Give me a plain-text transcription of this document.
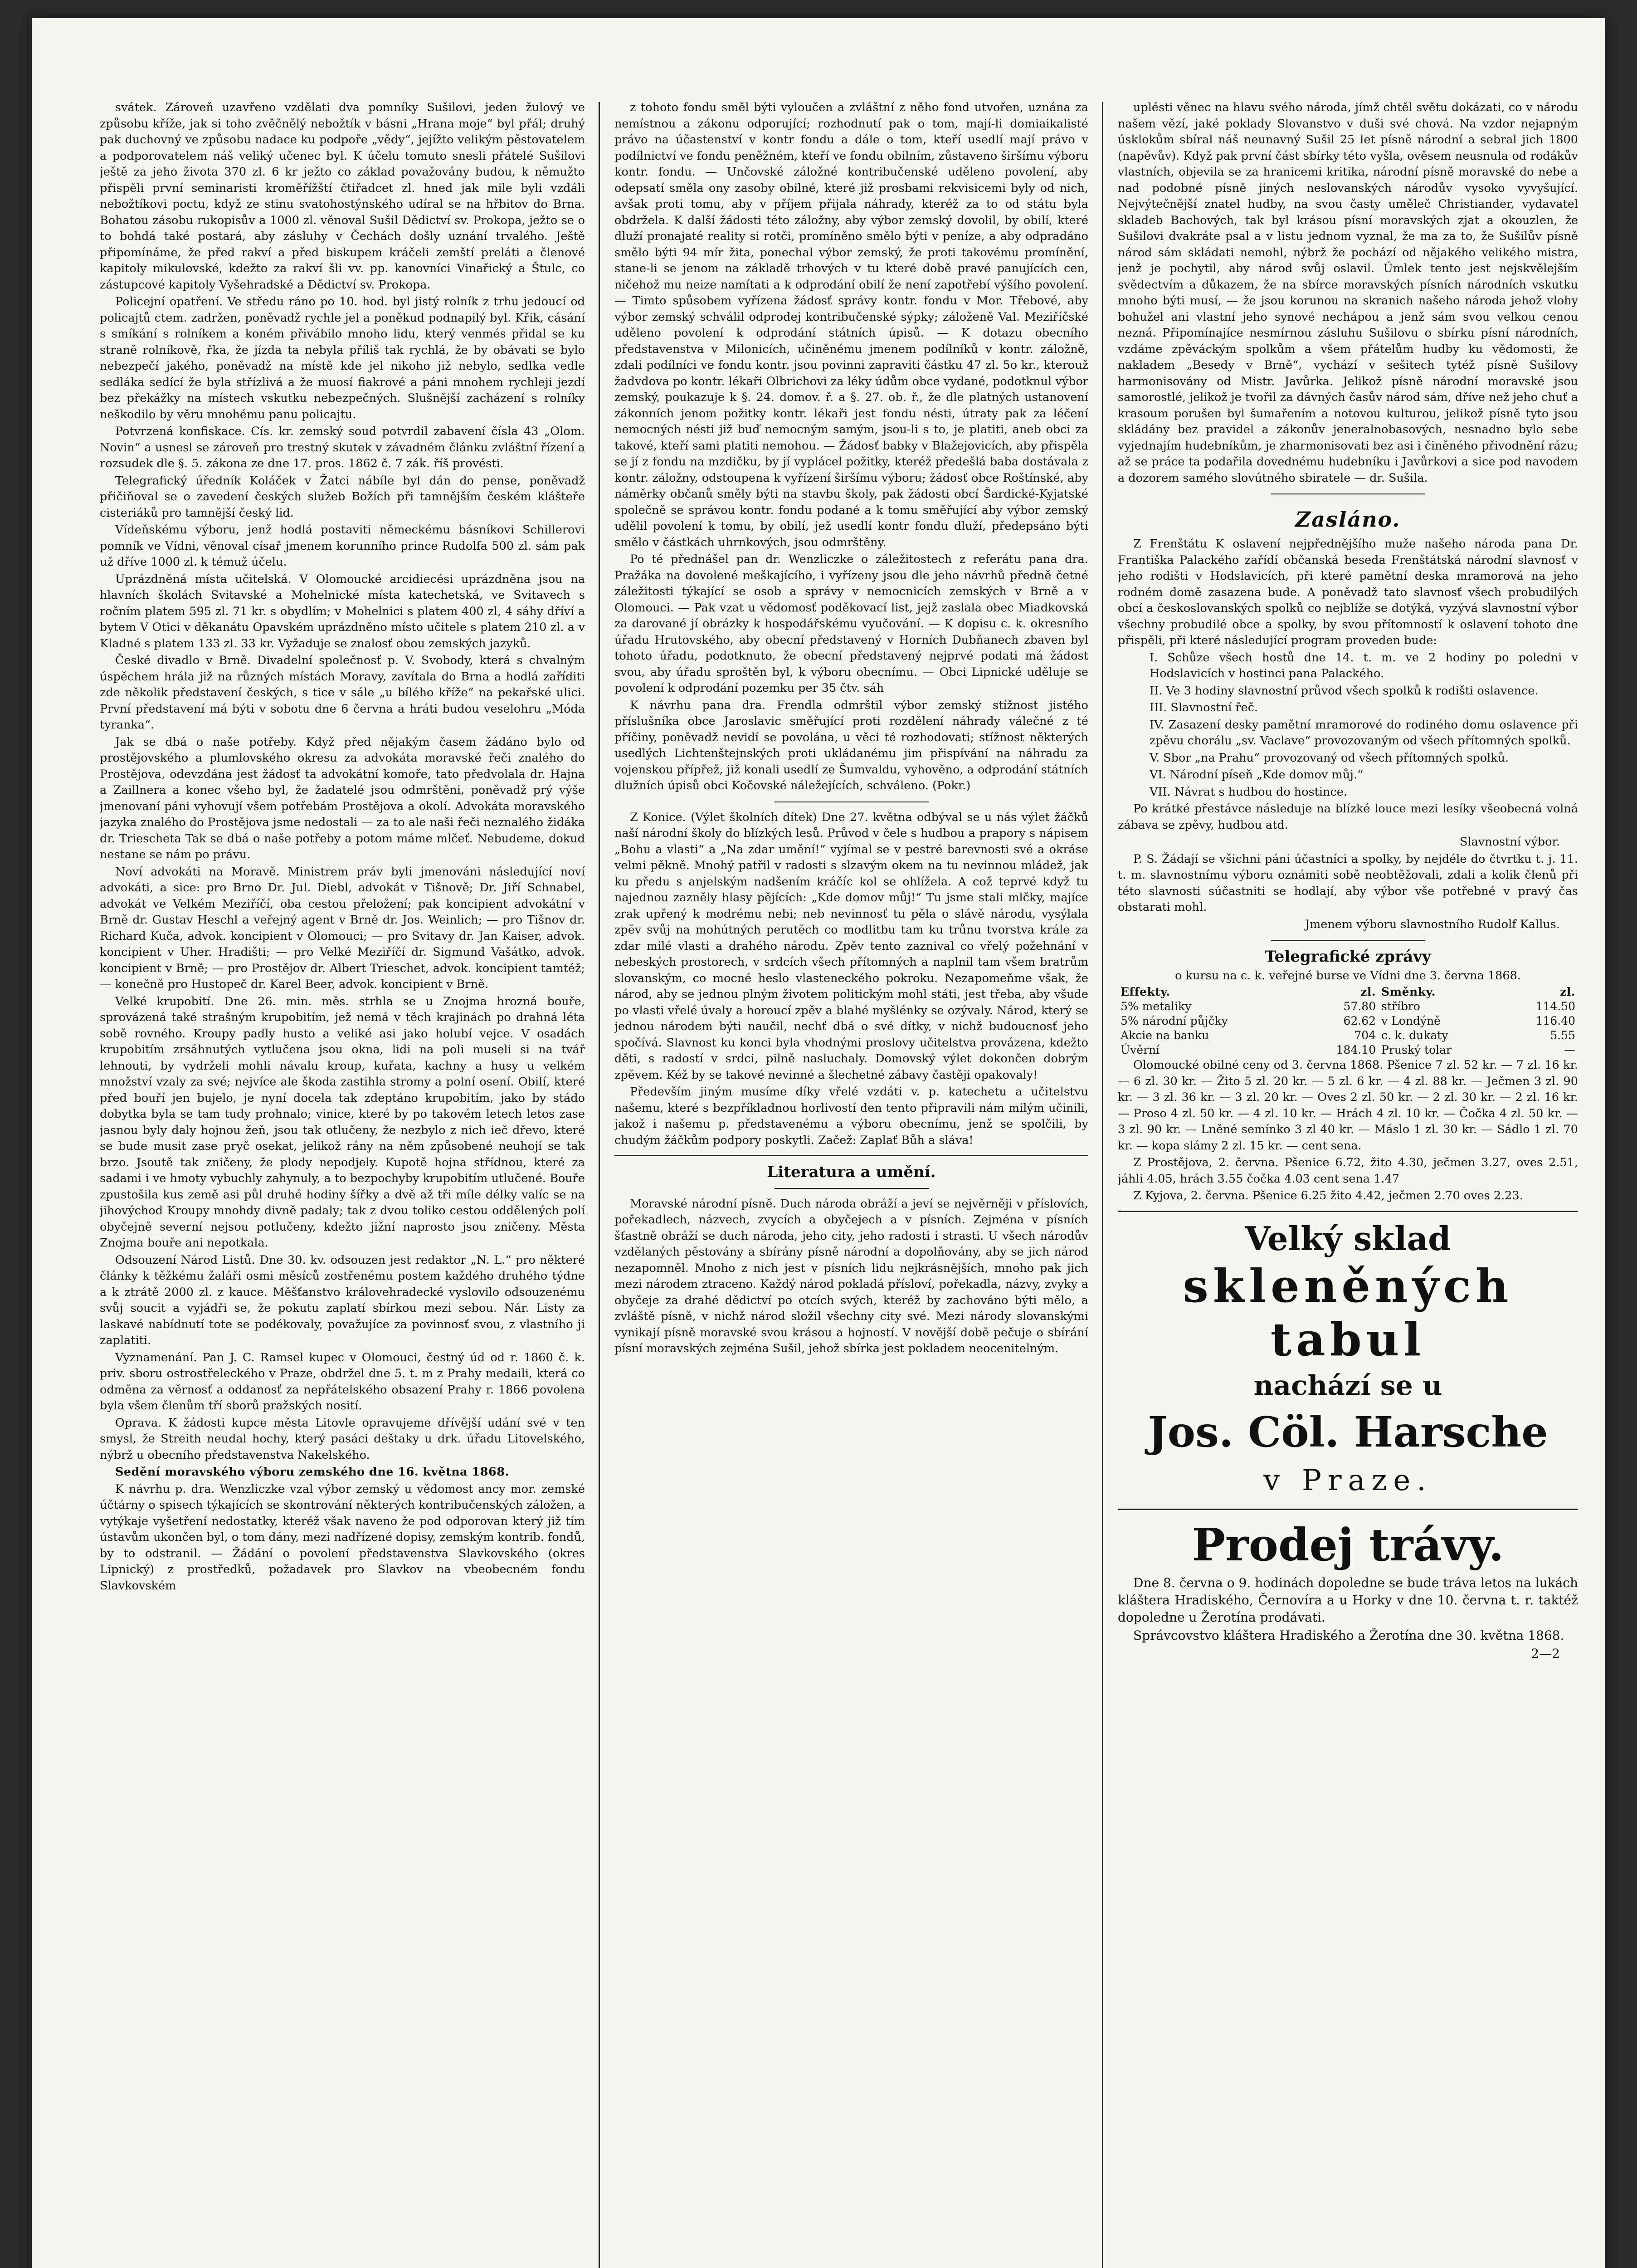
svátek. Zároveň uzavřeno vzdělati dva pomníky Sušilovi, jeden žulový ve způsobu kříže, jak si toho zvěčnělý nebožtík v básni „Hrana moje“ byl přál; druhý pak duchovný ve způsobu nadace ku podpoře „vědy“, jejížto velikým pěstovatelem a podporovatelem náš veliký učenec byl. K účelu tomuto snesli přátelé Sušilovi ještě za jeho života 370 zl. 6 kr ježto co základ považovány budou, k němužto přispěli první seminaristi kroměřížští čtiřadcet zl. hned jak mile byli vzdáli nebožtíkovi poctu, když ze stinu svatohostýnského udíral se na hřbitov do Brna. Bohatou zásobu rukopisův a 1000 zl. věnoval Sušil Dědictví sv. Prokopa, ježto se o to bohdá také postará, aby zásluhy v Čechách došly uznání trvalého. Ještě připomínáme, že před rakví a před biskupem kráčeli zemští preláti a členové kapitoly mikulovské, kdežto za rakví šli vv. pp. kanovníci Vinařický a Štulc, co zástupcové kapitoly Vyšehradské a Dědictví sv. Prokopa.

Policejní opatření. Ve středu ráno po 10. hod. byl jistý rolník z trhu jedoucí od policajtů ctem. zadržen, poněvadž rychle jel a poněkud podnapilý byl. Křik, cásání s smíkání s rolníkem a koném přivábilo mnoho lidu, který venmés přidal se ku straně rolníkově, řka, že jízda ta nebyla příliš tak rychlá, že by obávati se bylo nebezpečí jakého, poněvadž na místě kde jel nikoho již nebylo, sedlka vedle sedláka sedící že byla střízlivá a že muosí fiakrové a páni mnohem rychleji jezdí bez překážky na místech vskutku nebezpečných. Slušnější zacházení s rolníky neškodilo by věru mnohému panu policajtu.

Potvrzená konfiskace. Cís. kr. zemský soud potvrdil zabavení čísla 43 „Olom. Novin“ a usnesl se zároveň pro trestný skutek v závadném článku zvláštní řízení a rozsudek dle §. 5. zákona ze dne 17. pros. 1862 č. 7 zák. říš provésti.

Telegrafický úředník Koláček v Žatci nábíle byl dán do pense, poněvadž přičiňoval se o zavedení českých služeb Božích při tamnějším českém klášteře cisteriáků pro tamnější český lid.

Vídeňskému výboru, jenž hodlá postaviti německému básníkovi Schillerovi pomník ve Vídni, věnoval císař jmenem korunního prince Rudolfa 500 zl. sám pak už dříve 1000 zl. k témuž účelu.

Uprázdněná místa učitelská. V Olomoucké arcidiecési uprázdněna jsou na hlavních školách Svitavské a Mohelnické místa katechetská, ve Svitavech s ročním platem 595 zl. 71 kr. s obydlím; v Mohelnici s platem 400 zl, 4 sáhy dříví a bytem V Otici v děkanátu Opavském uprázdněno místo učitele s platem 210 zl. a v Kladné s platem 133 zl. 33 kr. Vyžaduje se znalosť obou zemských jazyků.

České divadlo v Brně. Divadelní společnosť p. V. Svobody, která s chvalným úspěchem hrála již na různých místách Moravy, zavítala do Brna a hodlá zaříditi zde několik představení českých, s tice v sále „u bílého kříže“ na pekařské ulici. První představení má býti v sobotu dne 6 června a hráti budou veselohru „Móda tyranka“.

Jak se dbá o naše potřeby. Když před nějakým časem žádáno bylo od prostějovského a plumlovského okresu za advokáta moravské řeči znalého do Prostějova, odevzdána jest žádosť ta advokátní komoře, tato předvolala dr. Hajna a Zaillnera a konec všeho byl, že žadatelé jsou odmrštěni, poněvadž prý výše jmenovaní páni vyhovují všem potřebám Prostějova a okolí. Advokáta moravského jazyka znalého do Prostějova jsme nedostali — za to ale naši řeči neznalého židáka dr. Trieschetа Tak se dbá o naše potřeby a potom máme mlčeť. Nebudeme, dokud nestane se nám po právu.

Noví advokáti na Moravě. Ministrem práv byli jmenováni následující noví advokáti, a sice: pro Brno Dr. Jul. Diebl, advokát v Tišnově; Dr. Jiří Schnabel, advokát ve Velkém Meziříčí, oba cestou přeložení; pak koncipient advokátní v Brně dr. Gustav Heschl a veřejný agent v Brně dr. Jos. Weinlich; — pro Tišnov dr. Richard Kuča, advok. koncipient v Olomouci; — pro Svitavy dr. Jan Kaiser, advok. koncipient v Uher. Hradišti; — pro Velké Meziříčí dr. Sigmund Vašátko, advok. koncipient v Brně; — pro Prostějov dr. Albert Trieschet, advok. koncipient tamtéž; — konečně pro Hustopeč dr. Karel Beer, advok. koncipient v Brně.

Velké krupobití. Dne 26. min. měs. strhla se u Znojma hrozná bouře, sprovázená také strašným krupobitím, jež nemá v těch krajinách po drahná léta sobě rovného. Kroupy padly husto a veliké asi jako holubí vejce. V osadách krupobitím zrsáhnutých vytlučena jsou okna, lidi na poli museli si na tvář lehnouti, by vydrželi mohli návalu kroup, kuřata, kachny a husy u velkém množství vzaly za své; nejvíce ale škoda zastihla stromy a polní osení. Obilí, které před bouří jen bujelo, je nyní docela tak zdeptáno krupobitím, jako by stádo dobytka byla se tam tudy prohnalo; vinice, které by po takovém letech letos zase jasnou byly daly hojnou žeň, jsou tak otlučeny, že nezbylo z nich ieč dřevo, které se bude musit zase pryč osekat, jelikož rány na něm způsobené neuhojí se tak brzo. Jsoutě tak zničeny, že plody nepodjely. Kupotě hojna střídnou, které za sadami i ve hmoty vybuchly zahynuly, a to bezpochyby krupobitím utlučené. Bouře zpustošila kus země asi půl druhé hodiny šířky a dvě až tři míle délky valíc se na jihovýchod Kroupy mnohdy divně padaly; tak z dvou toliko cestou oddělených polí obyčejně severní nejsou potlučeny, kdežto jižní naprosto jsou zničeny. Města Znojma bouře ani nepotkala.

Odsouzení Národ Listů. Dne 30. kv. odsouzen jest redaktor „N. L.“ pro některé články k těžkému žaláři osmi měsíců zostřenému postem každého druhého týdne a k ztrátě 2000 zl. z kauce. Měšťanstvo královehradecké vyslovilo odsouzenému svůj soucit a vyjádři se, že pokutu zaplatí sbírkou mezi sebou. Nár. Listy za laskavé nabídnutí tote se podékovaly, považujíce za povinnosť svou, z vlastního ji zaplatiti.

Vyznamenání. Pan J. C. Ramsel kupec v Olomouci, čestný úd od r. 1860 č. k. priv. sboru ostrostřeleckého v Praze, obdržel dne 5. t. m z Prahy medaili, která co odměna za věrnosť a oddanosť za nepřátelského obsazení Prahy r. 1866 povolena byla všem členům tří sborů pražských nosití.

Oprava. K žádosti kupce města Litovle opravujeme dřívější udání své v ten smysl, že Streith neudal hochy, který pasáci deštaky u drk. úřadu Litovelského, nýbrž u obecního představenstva Nakelského.

Sedění moravského výboru zemského dne 16. května 1868.

K návrhu p. dra. Wenzliczke vzal výbor zemský u vědomost ancy mor. zemské účtárny o spisech týkajících se skontrování některých kontribučenských záložen, a vytýkaje vyšetření nedostatky, kteréž však naveno že pod odporovan který již tím ústavům ukončen byl, o tom dány, mezi nadřízené dopisy, zemským kontrib. fondů, by to odstranil. — Žádání o povolení představenstva Slavkovského (okres Lipnický) z prostředků, požadavek pro Slavkov na vbeobecném fondu Slavkovském

z tohoto fondu směl býti vyloučen a zvláštní z něho fond utvořen, uznána za nemístnou a zákonu odporující; rozhodnutí pak o tom, mají-li domiaikalisté právo na účastenství v kontr fondu a dále o tom, kteří usedlí mají právo v podílnictví ve fondu peněžném, kteří ve fondu obilním, zůstaveno širšímu výboru kontr. fondu. — Unčovské záložné kontribučenské uděleno povolení, aby odepsatí směla ony zasoby obilné, které již prosbami rekvisicemi byly od nich, avšak proti tomu, aby v příjem přijala náhrady, kteréž za to od státu byla obdržela. K další žádosti této záložny, aby výbor zemský dovolil, by obilí, které dluží pronajaté reality si rotči, promíněno smělo býti v peníze, a aby odpradáno smělo býti 94 mír žita, ponechal výbor zemský, že proti takovému promínění, stane-li se jenom na základě trhových v tu které době pravé panujících cen, ničehož mu neize namítati a k odprodání obilí že není zapotřebí výšího povolení. — Timto spůsobem vyřízena žádosť správy kontr. fondu v Mor. Třebové, aby výbor zemský schválil odprodej kontribučenské sýpky; záloženě Val. Meziříčské uděleno povolení k odprodání státních úpisů. — K dotazu obecního představenstva v Milonicích, učiněnému jmenem podílníků v kontr. záložně, zdali podílníci ve fondu kontr. jsou povinni zapraviti částku 47 zl. 5o kr., kterouž žadvdova po kontr. lékaři Olbrichovi za léky údům obce vydané, podotknul výbor zemský, poukazuje k §. 24. domov. ř. a §. 27. ob. ř., že dle platných ustanovení zákonních jenom požitky kontr. lékaři jest fondu nésti, útraty pak za léčení nemocných nésti již buď nemocným samým, jsou-li s to, je platiti, aneb obci za takové, kteří sami platiti nemohou. — Žádosť babky v Blažejovicích, aby přispěla se jí z fondu na mzdičku, by jí vyplácel požitky, kteréž předešlá baba dostávala z kontr. záložny, odstoupena k vyřízení širšímu výboru; žádosť obce Roštínské, aby náměrky občanů směly býti na stavbu školy, pak žádosti obcí Šardické-Kyjatské společně se správou kontr. fondu podané a k tomu směřující aby výbor zemský udělil povolení k tomu, by obilí, jež usedlí kontr fondu dluží, předepsáno býti smělo v částkách uhrnkových, jsou odmrštěny.

Po té přednášel pan dr. Wenzliczke o záležitostech z referátu pana dra. Pražáka na dovolené meškajícího, i vyřízeny jsou dle jeho návrhů předně četné záležitosti týkající se osob a správy v nemocnicích zemských v Brně a v Olomouci. — Pak vzat u vědomosť poděkovací list, jejž zaslala obec Miadkovská za darované jí obrázky k hospodářskému vyučování. — K dopisu c. k. okresního úřadu Hrutovského, aby obecní představený v Horních Dubňanech zbaven byl tohoto úřadu, podotknuto, že obecní představený nejprvé podati má žádost svou, aby úřadu sproštěn byl, k výboru obecnímu. — Obci Lipnické uděluje se povolení k odprodání pozemku per 35 čtv. sáh

K návrhu pana dra. Frendla odmrštil výbor zemský stížnost jistého příslušníka obce Jaroslavic směřující proti rozdělení náhrady válečné z té příčiny, poněvadž nevidí se povolána, u věci té rozhodovati; stížnost některých usedlých Lichtenštejnských proti ukládanému jim přispívání na náhradu za vojenskou přípřež, již konali usedlí ze Šumvaldu, vyhověno, a odprodání státních dlužních úpisů obci Kočovské náležejících, schváleno. (Pokr.)

Z Konice. (Výlet školních dítek) Dne 27. května odbýval se u nás výlet žáčků naší národní školy do blízkých lesů. Průvod v čele s hudbou a prapory s nápisem „Bohu a vlasti“ a „Na zdar umění!“ vyjímal se v pestré barevnosti své a okrásе velmi pěkně. Mnohý patřil v radosti s slzavým okem na tu nevinnou mládež, jak ku předu s anjelským nadšením kráčíc kol se ohlížela. A což teprvé když tu najednou zazněly hlasy pějících: „Kde domov můj!“ Tu jsme stali mlčky, majíce zrak upřený k modrému nebi; neb nevinnosť tu pěla o slávě národu, vysýlala zpěv svůj na mohútných perutěch co modlitbu tam ku trůnu tvorstva krále za zdar milé vlasti a drahého národu. Zpěv tento zaznival co vřelý požehnání v nebeských prostorech, v srdcích všech přítomných a naplnil tam všem bratrům slovanským, co mocné heslo vlasteneckého pokroku. Nezapomeňme však, že národ, aby se jednou plným životem politickým mohl státi, jest třeba, aby všude po vlasti vřelé úvaly a horoucí zpěv a blahé myšlénky se ozývaly. Národ, který se jednou národem býti naučil, nechť dbá o své dítky, v nichž budoucnosť jeho spočívá. Slavnost ku konci byla vhodnými proslovy učitelstva provázena, kdežto děti, s radostí v srdci, pilně nasluchaly. Domovský výlet dokončen dobrým zpěvem. Kéž by se takové nevinné a šlechetné zábavy častěji opakovaly!

Především jiným musíme díky vřelé vzdáti v. p. katechetu a učitelstvu našemu, které s bezpříkladnou horlivostí den tento připravili nám milým učinili, jakož i našemu p. představenému a výboru obecnímu, jenž se spolčili, by chudým žáčkům podpory poskytli. Začež: Zaplať Bůh a sláva!

Literatura a umění.

Moravské národní písně. Duch národa obráží a jeví se nejvěrněji v příslovích, pořekadlech, názvech, zvycích a obyčejech a v písních. Zejména v písních šťastně obráží se duch národa, jeho city, jeho radosti i strasti. U všech národův vzdělaných pěstovány a sbírány písně národní a dopolňovány, aby se jich národ nezapomněl. Mnoho z nich jest v písních lidu nejkrásnějších, mnoho pak jich mezi národem ztraceno. Každý národ pokladá přísloví, pořekadla, názvy, zvyky a obyčeje za drahé dědictví po otcích svých, kteréž by zachováno býti mělo, a zvláště písně, v nichž národ složil všechny city své. Mezi národy slovanskými vynikají písně moravské svou krásou a hojností. V novější době pečuje o sbírání písní moravských zejména Sušil, jehož sbírka jest pokladem neocenitelným.

uplésti věnec na hlavu svého národa, jímž chtěl světu dokázati, co v národu našem vězí, jaké poklady Slovanstvo v duši své chová. Na vzdor nejapným úsklokům sbíral náš neunavný Sušil 25 let písně národní a sebral jich 1800 (napěvův). Když pak první část sbírky této vyšla, ověsem neusnula od rodákův vlastních, objevila se za hranicemi kritika, národní písně moravské do nebe a nad podobné písně jiných neslovanských národův vysoko vyvyšující. Nejvýtečnější znatel hudby, na svou časty uměleč Christiander, vydavatel skladeb Bachových, tak byl krásou písní moravských zjat a okouzlen, že Sušilovi dvakráte psal a v listu jednom vyznal, že ma za to, že Sušilův písně národ sám skládati nemohl, nýbrž že pochází od nějakého velikého mistra, jenž je pochytil, aby národ svůj oslavil. Úmlek tento jest nejskvělejším svědectvím a důkazem, že na sbírce moravských písních národních vskutku mnoho býti musí, — že jsou korunou na skranich našeho národa jehož vlohy bohužel ani vlastní jeho synové nechápou a jenž sám svou velkou cenou nezná. Připomínajíce nesmírnou zásluhu Sušilovu o sbírku písní národních, vzdáme zpěváckým spolkům a všem přátelům hudby ku vědomosti, že nakladem „Besedy v Brně“, vychází v sešitech tytéž písně Sušilovy harmonisovány od Mistr. Javůrka. Jelikož písně národní moravské jsou samorostlé, jelikož je tvořil za dávných časův národ sám, dříve než jeho chuť a krasoum porušen byl šumařením a notovou kulturou, jelikož písně tyto jsou skládány bez pravidel a zákonův jeneralnobasových, nesnadno bylo sebe vyjednajím hudebníkům, je zharmonisovati bez asi i činěného přivodnění rázu; až se práce ta podařila dovednému hudebníku i Javůrkovi a sice pod navodem a dozorem samého slovútného sbiratele — dr. Sušila.

Zasláno.

Z Frenštátu K oslavení nejpřednějšího muže našeho národa pana Dr. Františka Palackého zařídí občanská beseda Frenštátská národní slavnosť v jeho rodišti v Hodslavicích, při které pamětní deska mramorová na jeho rodném domě zasazena bude. A poněvadž tato slavnosť všech probudilých obcí a českoslovanských spolků co nejblíže se dotýká, vyzývá slavnostní výbor všechny probudilé obce a spolky, by svou přítomností k oslavení tohoto dne přispěli, při které následující program proveden bude:

I. Schůze všech hostů dne 14. t. m. ve 2 hodiny po poledni v Hodslavicích v hostinci pana Palackého.

II. Ve 3 hodiny slavnostní průvod všech spolků k rodišti oslavence.

III. Slavnostní řeč.

IV. Zasazení desky pamětní mramorové do rodiného domu oslavence při zpěvu chorálu „sv. Vaclave“ provozovaným od všech přítomných spolků.

V. Sbor „na Prahu“ provozovaný od všech přítomných spolků.

VI. Národní píseň „Kde domov můj.“

VII. Návrat s hudbou do hostince.

Po krátké přestávce následuje na blízké louce mezi lesíky všeobecná volná zábava se zpěvy, hudbou atd.

Slavnostní výbor.

P. S. Žádají se všichni páni účastníci a spolky, by nejdéle do čtvrtku t. j. 11. t. m. slavnostnímu výboru oznámiti sobě neobtěžovali, zdali a kolik členů při této slavnosti súčastniti se hodlají, aby výbor vše potřebné v pravý čas obstarati mohl.

Jmenem výboru slavnostního Rudolf Kallus.

Telegrafické zprávy

o kursu na c. k. veřejné burse ve Vídni dne 3. června 1868.

Effekty.	zl.	Směnky.	zl.
5% metaliky	57.80	stříbro	114.50
5% národní půjčky	62.62	v Londýně	116.40
Akcie na banku	704	c. k. dukaty	5.55
Úvěrní	184.10	Pruský tolar	—

Olomoucké obilné ceny od 3. června 1868. Pšenice 7 zl. 52 kr. — 7 zl. 16 kr. — 6 zl. 30 kr. — Žito 5 zl. 20 kr. — 5 zl. 6 kr. — 4 zl. 88 kr. — Ječmen 3 zl. 90 kr. — 3 zl. 36 kr. — 3 zl. 20 kr. — Oves 2 zl. 50 kr. — 2 zl. 30 kr. — 2 zl. 16 kr. — Proso 4 zl. 50 kr. — 4 zl. 10 kr. — Hrách 4 zl. 10 kr. — Čočka 4 zl. 50 kr. — 3 zl. 90 kr. — Lněné semínko 3 zl 40 kr. — Máslo 1 zl. 30 kr. — Sádlo 1 zl. 70 kr. — kopa slámy 2 zl. 15 kr. — cent sena.

Z Prostějova, 2. června. Pšenice 6.72, žito 4.30, ječmen 3.27, oves 2.51, jáhli 4.05, hrách 3.55 čočka 4.03 cent sena 1.47

Z Kyjova, 2. června. Pšenice 6.25 žito 4.42, ječmen 2.70 oves 2.23.

Velký sklad
skleněných tabul
nachází se u
Jos. Cöl. Harsche
v Praze.
Prodej trávy.

Dne 8. června o 9. hodinách dopoledne se bude tráva letos na lukách kláštera Hradiského, Černovíra a u Horky v dne 10. června t. r. taktéž dopoledne u Žerotína prodávati.

Správcovstvo kláštera Hradiského a Žerotína dne 30. května 1868.

2—2
